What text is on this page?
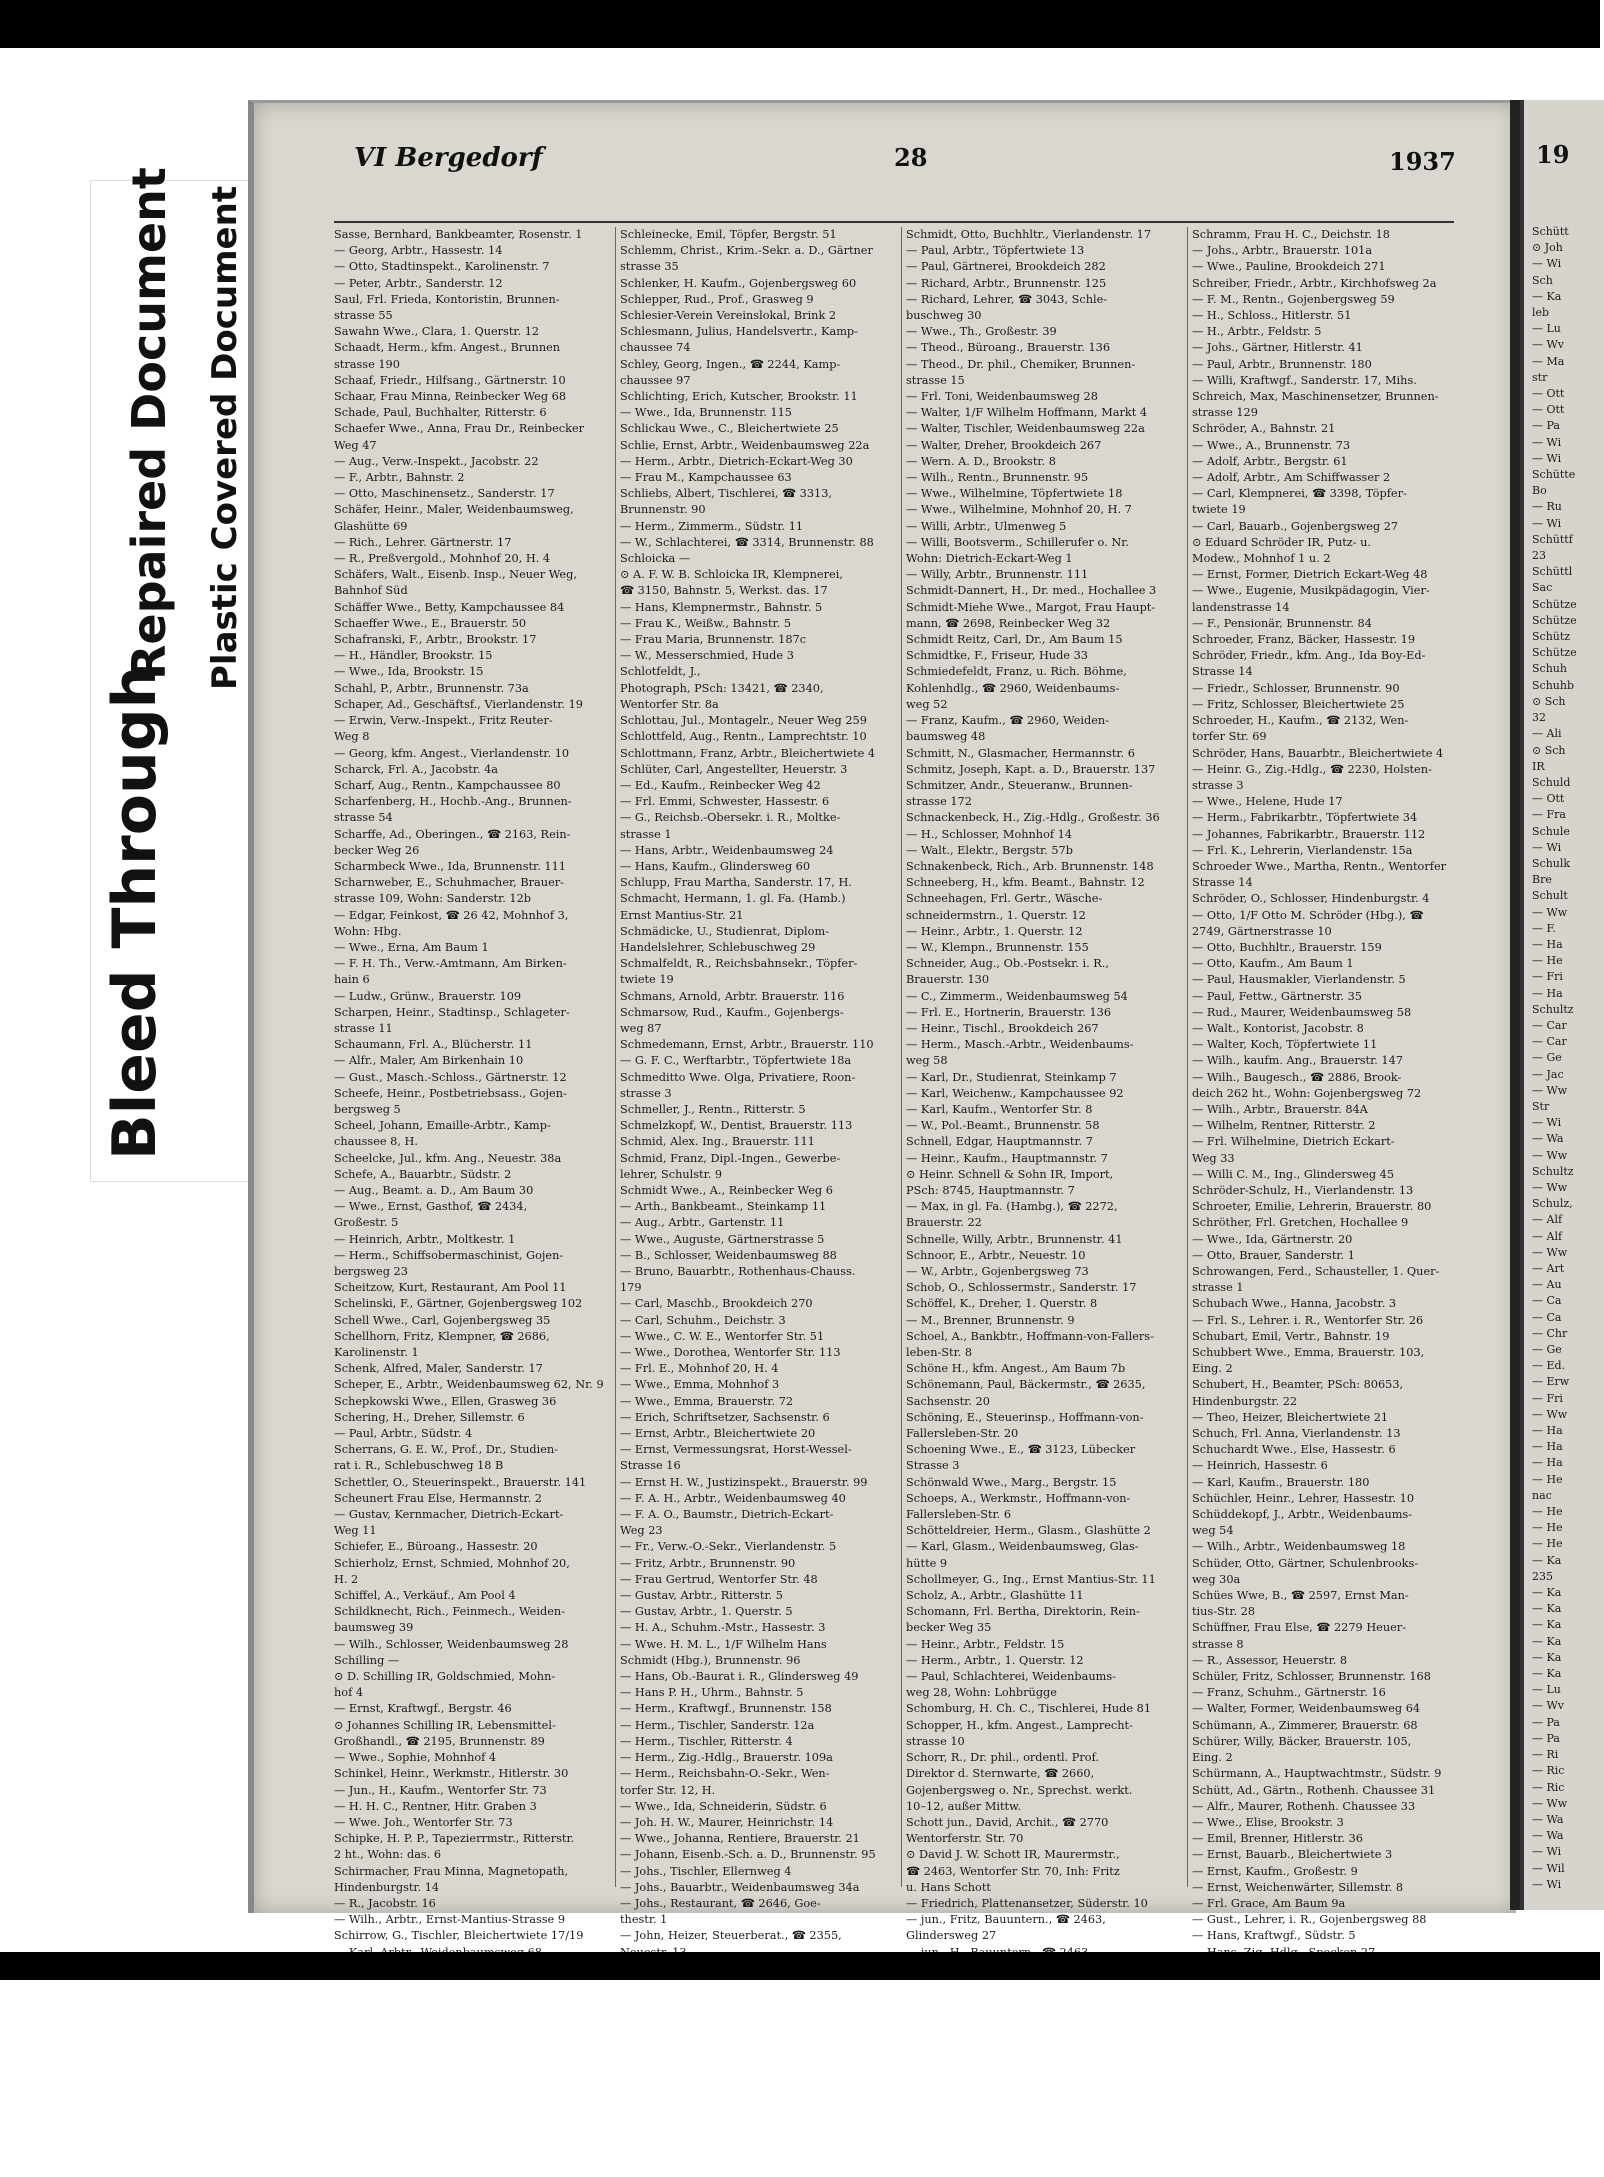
Bleed Through
Repaired Document Plastic Covered Document
VI Bergedorf	28	1937
Sasse, Bernhard, Bankbeamter, Rosenstr. 1
— Georg, Arbtr., Hassestr. 14
— Otto, Stadtinspekt., Karolinenstr. 7
— Peter, Arbtr., Sanderstr. 12
Saul, Frl. Frieda, Kontoristin, Brunnen-
strasse 55
Sawahn Wwe., Clara, 1. Querstr. 12
Schaadt, Herm., kfm. Angest., Brunnen
strasse 190
Schaaf, Friedr., Hilfsang., Gärtnerstr. 10
Schaar, Frau Minna, Reinbecker Weg 68
Schade, Paul, Buchhalter, Ritterstr. 6
Schaefer Wwe., Anna, Frau Dr., Reinbecker
Weg 47
— Aug., Verw.-Inspekt., Jacobstr. 22
— F., Arbtr., Bahnstr. 2
— Otto, Maschinensetz., Sanderstr. 17
Schäfer, Heinr., Maler, Weidenbaumsweg,
Glashütte 69
— Rich., Lehrer. Gärtnerstr. 17
— R., Preßvergold., Mohnhof 20, H. 4
Schäfers, Walt., Eisenb. Insp., Neuer Weg,
Bahnhof Süd
Schäffer Wwe., Betty, Kampchaussee 84
Schaeffer Wwe., E., Brauerstr. 50
Schafranski, F., Arbtr., Brookstr. 17
— H., Händler, Brookstr. 15
— Wwe., Ida, Brookstr. 15
Schahl, P., Arbtr., Brunnenstr. 73a
Schaper, Ad., Geschäftsf., Vierlandenstr. 19
— Erwin, Verw.-Inspekt., Fritz Reuter-
Weg 8
— Georg, kfm. Angest., Vierlandenstr. 10
Scharck, Frl. A., Jacobstr. 4a
Scharf, Aug., Rentn., Kampchaussee 80
Scharfenberg, H., Hochb.-Ang., Brunnen-
strasse 54
Scharffe, Ad., Oberingen., ☎ 2163, Rein-
becker Weg 26
Scharmbeck Wwe., Ida, Brunnenstr. 111
Scharnweber, E., Schuhmacher, Brauer-
strasse 109, Wohn: Sanderstr. 12b
— Edgar, Feinkost, ☎ 26 42, Mohnhof 3,
Wohn: Hbg.
— Wwe., Erna, Am Baum 1
— F. H. Th., Verw.-Amtmann, Am Birken-
hain 6
— Ludw., Grünw., Brauerstr. 109
Scharpen, Heinr., Stadtinsp., Schlageter-
strasse 11
Schaumann, Frl. A., Blücherstr. 11
— Alfr., Maler, Am Birkenhain 10
— Gust., Masch.-Schloss., Gärtnerstr. 12
Scheefe, Heinr., Postbetriebsass., Gojen-
bergsweg 5
Scheel, Johann, Emaille-Arbtr., Kamp-
chaussee 8, H.
Scheelcke, Jul., kfm. Ang., Neuestr. 38a
Schefe, A., Bauarbtr., Südstr. 2
— Aug., Beamt. a. D., Am Baum 30
— Wwe., Ernst, Gasthof, ☎ 2434,
Großestr. 5
— Heinrich, Arbtr., Moltkestr. 1
— Herm., Schiffsobermaschinist, Gojen-
bergsweg 23
Scheitzow, Kurt, Restaurant, Am Pool 11
Schelinski, F., Gärtner, Gojenbergsweg 102
Schell Wwe., Carl, Gojenbergsweg 35
Schellhorn, Fritz, Klempner, ☎ 2686,
Karolinenstr. 1
Schenk, Alfred, Maler, Sanderstr. 17
Scheper, E., Arbtr., Weidenbaumsweg 62, Nr. 9
Schepkowski Wwe., Ellen, Grasweg 36
Schering, H., Dreher, Sillemstr. 6
— Paul, Arbtr., Südstr. 4
Scherrans, G. E. W., Prof., Dr., Studien-
rat i. R., Schlebuschweg 18 B
Schettler, O., Steuerinspekt., Brauerstr. 141
Scheunert Frau Else, Hermannstr. 2
— Gustav, Kernmacher, Dietrich-Eckart-
Weg 11
Schiefer, E., Büroang., Hassestr. 20
Schierholz, Ernst, Schmied, Mohnhof 20,
H. 2
Schiffel, A., Verkäuf., Am Pool 4
Schildknecht, Rich., Feinmech., Weiden-
baumsweg 39
— Wilh., Schlosser, Weidenbaumsweg 28
Schilling —
⊙ D. Schilling IR, Goldschmied, Mohn-
hof 4
— Ernst, Kraftwgf., Bergstr. 46
⊙ Johannes Schilling IR, Lebensmittel-
Großhandl., ☎ 2195, Brunnenstr. 89
— Wwe., Sophie, Mohnhof 4
Schinkel, Heinr., Werkmstr., Hitlerstr. 30
— Jun., H., Kaufm., Wentorfer Str. 73
— H. H. C., Rentner, Hitr. Graben 3
— Wwe. Joh., Wentorfer Str. 73
Schipke, H. P. P., Tapezierrmstr., Ritterstr.
2 ht., Wohn: das. 6
Schirmacher, Frau Minna, Magnetopath,
Hindenburgstr. 14
— R., Jacobstr. 16
— Wilh., Arbtr., Ernst-Mantius-Strasse 9
Schirrow, G., Tischler, Bleichertwiete 17/19
Schleinecke, Emil, Töpfer, Bergstr. 51
Schlemm, Christ., Krim.-Sekr. a. D., Gärtner
strasse 35
Schlenker, H. Kaufm., Gojenbergsweg 60
Schlepper, Rud., Prof., Grasweg 9
Schlesier-Verein Vereinslokal, Brink 2
Schlesmann, Julius, Handelsvertr., Kamp-
chaussee 74
Schley, Georg, Ingen., ☎ 2244, Kamp-
chaussee 97
Schlichting, Erich, Kutscher, Brookstr. 11
— Wwe., Ida, Brunnenstr. 115
Schlickau Wwe., C., Bleichertwiete 25
Schlie, Ernst, Arbtr., Weidenbaumsweg 22a
— Herm., Arbtr., Dietrich-Eckart-Weg 30
— Frau M., Kampchaussee 63
Schliebs, Albert, Tischlerei, ☎ 3313,
Brunnenstr. 90
— Herm., Zimmerm., Südstr. 11
— W., Schlachterei, ☎ 3314, Brunnenstr. 88
Schloicka —
⊙ A. F. W. B. Schloicka IR, Klempnerei,
☎ 3150, Bahnstr. 5, Werkst. das. 17
— Hans, Klempnermstr., Bahnstr. 5
— Frau K., Weißw., Bahnstr. 5
— Frau Maria, Brunnenstr. 187c
— W., Messerschmied, Hude 3
Schlotfeldt, J.,
Photograph, PSch: 13421, ☎ 2340,
Wentorfer Str. 8a
Schlottau, Jul., Montagelr., Neuer Weg 259
Schlottfeld, Aug., Rentn., Lamprechtstr. 10
Schlottmann, Franz, Arbtr., Bleichertwiete 4
Schlüter, Carl, Angestellter, Heuerstr. 3
— Ed., Kaufm., Reinbecker Weg 42
— Frl. Emmi, Schwester, Hassestr. 6
— G., Reichsb.-Obersekr. i. R., Moltke-
strasse 1
— Hans, Arbtr., Weidenbaumsweg 24
— Hans, Kaufm., Glindersweg 60
Schlupp, Frau Martha, Sanderstr. 17, H.
Schmacht, Hermann, 1. gl. Fa. (Hamb.)
Ernst Mantius-Str. 21
Schmädicke, U., Studienrat, Diplom-
Handelslehrer, Schlebuschweg 29
Schmalfeldt, R., Reichsbahnsekr., Töpfer-
twiete 19
Schmans, Arnold, Arbtr. Brauerstr. 116
Schmarsow, Rud., Kaufm., Gojenbergs-
weg 87
Schmedemann, Ernst, Arbtr., Brauerstr. 110
— G. F. C., Werftarbtr., Töpfertwiete 18a
Schmeditto Wwe. Olga, Privatiere, Roon-
strasse 3
Schmeller, J., Rentn., Ritterstr. 5
Schmelzkopf, W., Dentist, Brauerstr. 113
Schmid, Alex. Ing., Brauerstr. 111
Schmid, Franz, Dipl.-Ingen., Gewerbe-
lehrer, Schulstr. 9
Schmidt Wwe., A., Reinbecker Weg 6
— Arth., Bankbeamt., Steinkamp 11
— Aug., Arbtr., Gartenstr. 11
— Wwe., Auguste, Gärtnerstrasse 5
— B., Schlosser, Weidenbaumsweg 88
— Bruno, Bauarbtr., Rothenhaus-Chauss.
179
— Carl, Maschb., Brookdeich 270
— Carl, Schuhm., Deichstr. 3
— Wwe., C. W. E., Wentorfer Str. 51
— Wwe., Dorothea, Wentorfer Str. 113
— Frl. E., Mohnhof 20, H. 4
— Wwe., Emma, Mohnhof 3
— Wwe., Emma, Brauerstr. 72
— Erich, Schriftsetzer, Sachsenstr. 6
— Ernst, Arbtr., Bleichertwiete 20
— Ernst, Vermessungsrat, Horst-Wessel-
Strasse 16
— Ernst H. W., Justizinspekt., Brauerstr. 99
— F. A. H., Arbtr., Weidenbaumsweg 40
— F. A. O., Baumstr., Dietrich-Eckart-
Weg 23
— Fr., Verw.-O.-Sekr., Vierlandenstr. 5
— Fritz, Arbtr., Brunnenstr. 90
— Frau Gertrud, Wentorfer Str. 48
— Gustav, Arbtr., Ritterstr. 5
— Gustav, Arbtr., 1. Querstr. 5
— H. A., Schuhm.-Mstr., Hassestr. 3
— Wwe. H. M. L., 1/F Wilhelm Hans
Schmidt (Hbg.), Brunnenstr. 96
— Hans, Ob.-Baurat i. R., Glindersweg 49
— Hans P. H., Uhrm., Bahnstr. 5
— Herm., Kraftwgf., Brunnenstr. 158
— Herm., Tischler, Sanderstr. 12a
— Herm., Tischler, Ritterstr. 4
— Herm., Zig.-Hdlg., Brauerstr. 109a
— Herm., Reichsbahn-O.-Sekr., Wen-
torfer Str. 12, H.
— Wwe., Ida, Schneiderin, Südstr. 6
— Joh. H. W., Maurer, Heinrichstr. 14
— Wwe., Johanna, Rentiere, Brauerstr. 21
— Johann, Eisenb.-Sch. a. D., Brunnenstr. 95
— Johs., Tischler, Ellernweg 4
— Johs., Bauarbtr., Weidenbaumsweg 34a
— Johs., Restaurant, ☎ 2646, Goe-
thestr. 1
— John, Heizer, Steuerberat., ☎ 2355,
Schmidt, Otto, Buchhltr., Vierlandenstr. 17
— Paul, Arbtr., Töpfertwiete 13
— Paul, Gärtnerei, Brookdeich 282
— Richard, Arbtr., Brunnenstr. 125
— Richard, Lehrer, ☎ 3043, Schle-
buschweg 30
— Wwe., Th., Großestr. 39
— Theod., Büroang., Brauerstr. 136
— Theod., Dr. phil., Chemiker, Brunnen-
strasse 15
— Frl. Toni, Weidenbaumsweg 28
— Walter, 1/F Wilhelm Hoffmann, Markt 4
— Walter, Tischler, Weidenbaumsweg 22a
— Walter, Dreher, Brookdeich 267
— Wern. A. D., Brookstr. 8
— Wilh., Rentn., Brunnenstr. 95
— Wwe., Wilhelmine, Töpfertwiete 18
— Wwe., Wilhelmine, Mohnhof 20, H. 7
— Willi, Arbtr., Ulmenweg 5
— Willi, Bootsverm., Schillerufer o. Nr.
Wohn: Dietrich-Eckart-Weg 1
— Willy, Arbtr., Brunnenstr. 111
Schmidt-Dannert, H., Dr. med., Hochallee 3
Schmidt-Miehe Wwe., Margot, Frau Haupt-
mann, ☎ 2698, Reinbecker Weg 32
Schmidt Reitz, Carl, Dr., Am Baum 15
Schmidtke, F., Friseur, Hude 33
Schmiedefeldt, Franz, u. Rich. Böhme,
Kohlenhdlg., ☎ 2960, Weidenbaums-
weg 52
— Franz, Kaufm., ☎ 2960, Weiden-
baumsweg 48
Schmitt, N., Glasmacher, Hermannstr. 6
Schmitz, Joseph, Kapt. a. D., Brauerstr. 137
Schmitzer, Andr., Steueranw., Brunnen-
strasse 172
Schnackenbeck, H., Zig.-Hdlg., Großestr. 36
— H., Schlosser, Mohnhof 14
— Walt., Elektr., Bergstr. 57b
Schnakenbeck, Rich., Arb. Brunnenstr. 148
Schneeberg, H., kfm. Beamt., Bahnstr. 12
Schneehagen, Frl. Gertr., Wäsche-
schneidermstrn., 1. Querstr. 12
— Heinr., Arbtr., 1. Querstr. 12
— W., Klempn., Brunnenstr. 155
Schneider, Aug., Ob.-Postsekr. i. R.,
Brauerstr. 130
— C., Zimmerm., Weidenbaumsweg 54
— Frl. E., Hortnerin, Brauerstr. 136
— Heinr., Tischl., Brookdeich 267
— Herm., Masch.-Arbtr., Weidenbaums-
weg 58
— Karl, Dr., Studienrat, Steinkamp 7
— Karl, Weichenw., Kampchaussee 92
— Karl, Kaufm., Wentorfer Str. 8
— W., Pol.-Beamt., Brunnenstr. 58
Schnell, Edgar, Hauptmannstr. 7
— Heinr., Kaufm., Hauptmannstr. 7
⊙ Heinr. Schnell & Sohn IR, Import,
PSch: 8745, Hauptmannstr. 7
— Max, in gl. Fa. (Hambg.), ☎ 2272,
Brauerstr. 22
Schnelle, Willy, Arbtr., Brunnenstr. 41
Schnoor, E., Arbtr., Neuestr. 10
— W., Arbtr., Gojenbergsweg 73
Schob, O., Schlossermstr., Sanderstr. 17
Schöffel, K., Dreher, 1. Querstr. 8
— M., Brenner, Brunnenstr. 9
Schoel, A., Bankbtr., Hoffmann-von-Fallers-
leben-Str. 8
Schöne H., kfm. Angest., Am Baum 7b
Schönemann, Paul, Bäckermstr., ☎ 2635,
Sachsenstr. 20
Schöning, E., Steuerinsp., Hoffmann-von-
Fallersleben-Str. 20
Schoening Wwe., E., ☎ 3123, Lübecker
Strasse 3
Schönwald Wwe., Marg., Bergstr. 15
Schoeps, A., Werkmstr., Hoffmann-von-
Fallersleben-Str. 6
Schötteldreier, Herm., Glasm., Glashütte 2
— Karl, Glasm., Weidenbaumsweg, Glas-
hütte 9
Schollmeyer, G., Ing., Ernst Mantius-Str. 11
Scholz, A., Arbtr., Glashütte 11
Schomann, Frl. Bertha, Direktorin, Rein-
becker Weg 35
— Heinr., Arbtr., Feldstr. 15
— Herm., Arbtr., 1. Querstr. 12
— Paul, Schlachterei, Weidenbaums-
weg 28, Wohn: Lohbrügge
Schomburg, H. Ch. C., Tischlerei, Hude 81
Schopper, H., kfm. Angest., Lamprecht-
strasse 10
Schorr, R., Dr. phil., ordentl. Prof.
Direktor d. Sternwarte, ☎ 2660,
Gojenbergsweg o. Nr., Sprechst. werkt.
10–12, außer Mittw.
Schott jun., David, Archit., ☎ 2770
Wentorferstr. Str. 70
⊙ David J. W. Schott IR, Maurermstr.,
☎ 2463, Wentorfer Str. 70, Inh: Fritz
u. Hans Schott
— Friedrich, Plattenansetzer, Süderstr. 10
— jun., Fritz, Bauuntern., ☎ 2463,
Glindersweg 27
Schramm, Frau H. C., Deichstr. 18
— Johs., Arbtr., Brauerstr. 101a
— Wwe., Pauline, Brookdeich 271
Schreiber, Friedr., Arbtr., Kirchhofsweg 2a
— F. M., Rentn., Gojenbergsweg 59
— H., Schloss., Hitlerstr. 51
— H., Arbtr., Feldstr. 5
— Johs., Gärtner, Hitlerstr. 41
— Paul, Arbtr., Brunnenstr. 180
— Willi, Kraftwgf., Sanderstr. 17, Mihs.
Schreich, Max, Maschinensetzer, Brunnen-
strasse 129
Schröder, A., Bahnstr. 21
— Wwe., A., Brunnenstr. 73
— Adolf, Arbtr., Bergstr. 61
— Adolf, Arbtr., Am Schiffwasser 2
— Carl, Klempnerei, ☎ 3398, Töpfer-
twiete 19
— Carl, Bauarb., Gojenbergsweg 27
⊙ Eduard Schröder IR, Putz- u.
Modew., Mohnhof 1 u. 2
— Ernst, Former, Dietrich Eckart-Weg 48
— Wwe., Eugenie, Musikpädagogin, Vier-
landenstrasse 14
— F., Pensionär, Brunnenstr. 84
Schroeder, Franz, Bäcker, Hassestr. 19
Schröder, Friedr., kfm. Ang., Ida Boy-Ed-
Strasse 14
— Friedr., Schlosser, Brunnenstr. 90
— Fritz, Schlosser, Bleichertwiete 25
Schroeder, H., Kaufm., ☎ 2132, Wen-
torfer Str. 69
Schröder, Hans, Bauarbtr., Bleichertwiete 4
— Heinr. G., Zig.-Hdlg., ☎ 2230, Holsten-
strasse 3
— Wwe., Helene, Hude 17
— Herm., Fabrikarbtr., Töpfertwiete 34
— Johannes, Fabrikarbtr., Brauerstr. 112
— Frl. K., Lehrerin, Vierlandenstr. 15a
Schroeder Wwe., Martha, Rentn., Wentorfer
Strasse 14
Schröder, O., Schlosser, Hindenburgstr. 4
— Otto, 1/F Otto M. Schröder (Hbg.), ☎
2749, Gärtnerstrasse 10
— Otto, Buchhltr., Brauerstr. 159
— Otto, Kaufm., Am Baum 1
— Paul, Hausmakler, Vierlandenstr. 5
— Paul, Fettw., Gärtnerstr. 35
— Rud., Maurer, Weidenbaumsweg 58
— Walt., Kontorist, Jacobstr. 8
— Walter, Koch, Töpfertwiete 11
— Wilh., kaufm. Ang., Brauerstr. 147
— Wilh., Baugesch., ☎ 2886, Brook-
deich 262 ht., Wohn: Gojenbergsweg 72
— Wilh., Arbtr., Brauerstr. 84A
— Wilhelm, Rentner, Ritterstr. 2
— Frl. Wilhelmine, Dietrich Eckart-
Weg 33
— Willi C. M., Ing., Glindersweg 45
Schröder-Schulz, H., Vierlandenstr. 13
Schroeter, Emilie, Lehrerin, Brauerstr. 80
Schröther, Frl. Gretchen, Hochallee 9
— Wwe., Ida, Gärtnerstr. 20
— Otto, Brauer, Sanderstr. 1
Schrowangen, Ferd., Schausteller, 1. Quer-
strasse 1
Schubach Wwe., Hanna, Jacobstr. 3
— Frl. S., Lehrer. i. R., Wentorfer Str. 26
Schubart, Emil, Vertr., Bahnstr. 19
Schubbert Wwe., Emma, Brauerstr. 103,
Eing. 2
Schubert, H., Beamter, PSch: 80653,
Hindenburgstr. 22
— Theo, Heizer, Bleichertwiete 21
Schuch, Frl. Anna, Vierlandenstr. 13
Schuchardt Wwe., Else, Hassestr. 6
— Heinrich, Hassestr. 6
— Karl, Kaufm., Brauerstr. 180
Schüchler, Heinr., Lehrer, Hassestr. 10
Schüddekopf, J., Arbtr., Weidenbaums-
weg 54
— Wilh., Arbtr., Weidenbaumsweg 18
Schüder, Otto, Gärtner, Schulenbrooks-
weg 30a
Schües Wwe, B., ☎ 2597, Ernst Man-
tius-Str. 28
Schüffner, Frau Else, ☎ 2279 Heuer-
strasse 8
— R., Assessor, Heuerstr. 8
Schüler, Fritz, Schlosser, Brunnenstr. 168
— Franz, Schuhm., Gärtnerstr. 16
— Walter, Former, Weidenbaumsweg 64
Schümann, A., Zimmerer, Brauerstr. 68
Schürer, Willy, Bäcker, Brauerstr. 105,
Eing. 2
Schürmann, A., Hauptwachtmstr., Südstr. 9
Schütt, Ad., Gärtn., Rothenh. Chaussee 31
— Alfr., Maurer, Rothenh. Chaussee 33
— Wwe., Elise, Brookstr. 3
— Emil, Brenner, Hitlerstr. 36
— Ernst, Bauarb., Bleichertwiete 3
— Ernst, Kaufm., Großestr. 9
— Ernst, Weichenwärter, Sillemstr. 8
— Frl. Grace, Am Baum 9a
— Gust., Lehrer, i. R., Gojenbergsweg 88
— Hans, Kraftwgf., Südstr. 5
19
Schütt
⊙ Joh
— Wi
Sch
— Ka
leb
— Lu
— Wv
— Ma
str
— Ott
— Ott
— Pa
— Wi
— Wi
Schütte
Bo
— Ru
— Wi
Schüttf
23
Schüttl
Sac
Schütze
Schütze
Schütz
Schütze
Schuh
Schuhb
⊙ Sch
32
— Ali
⊙ Sch
IR
Schuld
— Ott
— Fra
Schule
— Wi
Schulk
Bre
Schult
— Ww
— F.
— Ha
— He
— Fri
— Ha
Schultz
— Car
— Car
— Ge
— Jac
— Ww
Str
— Wi
— Wa
— Ww
Schultz
— Ww
Schulz,
— Alf
— Alf
— Ww
— Art
— Au
— Ca
— Ca
— Chr
— Ge
— Ed.
— Erw
— Fri
— Ww
— Ha
— Ha
— Ha
— He
nac
— He
— He
— He
— Ka
235
— Ka
— Ka
— Ka
— Ka
— Ka
— Ka
— Lu
— Wv
— Pa
— Pa
— Ri
— Ric
— Ric
— Ww
— Wa
— Wa
— Wi
— Wil
— Wi
